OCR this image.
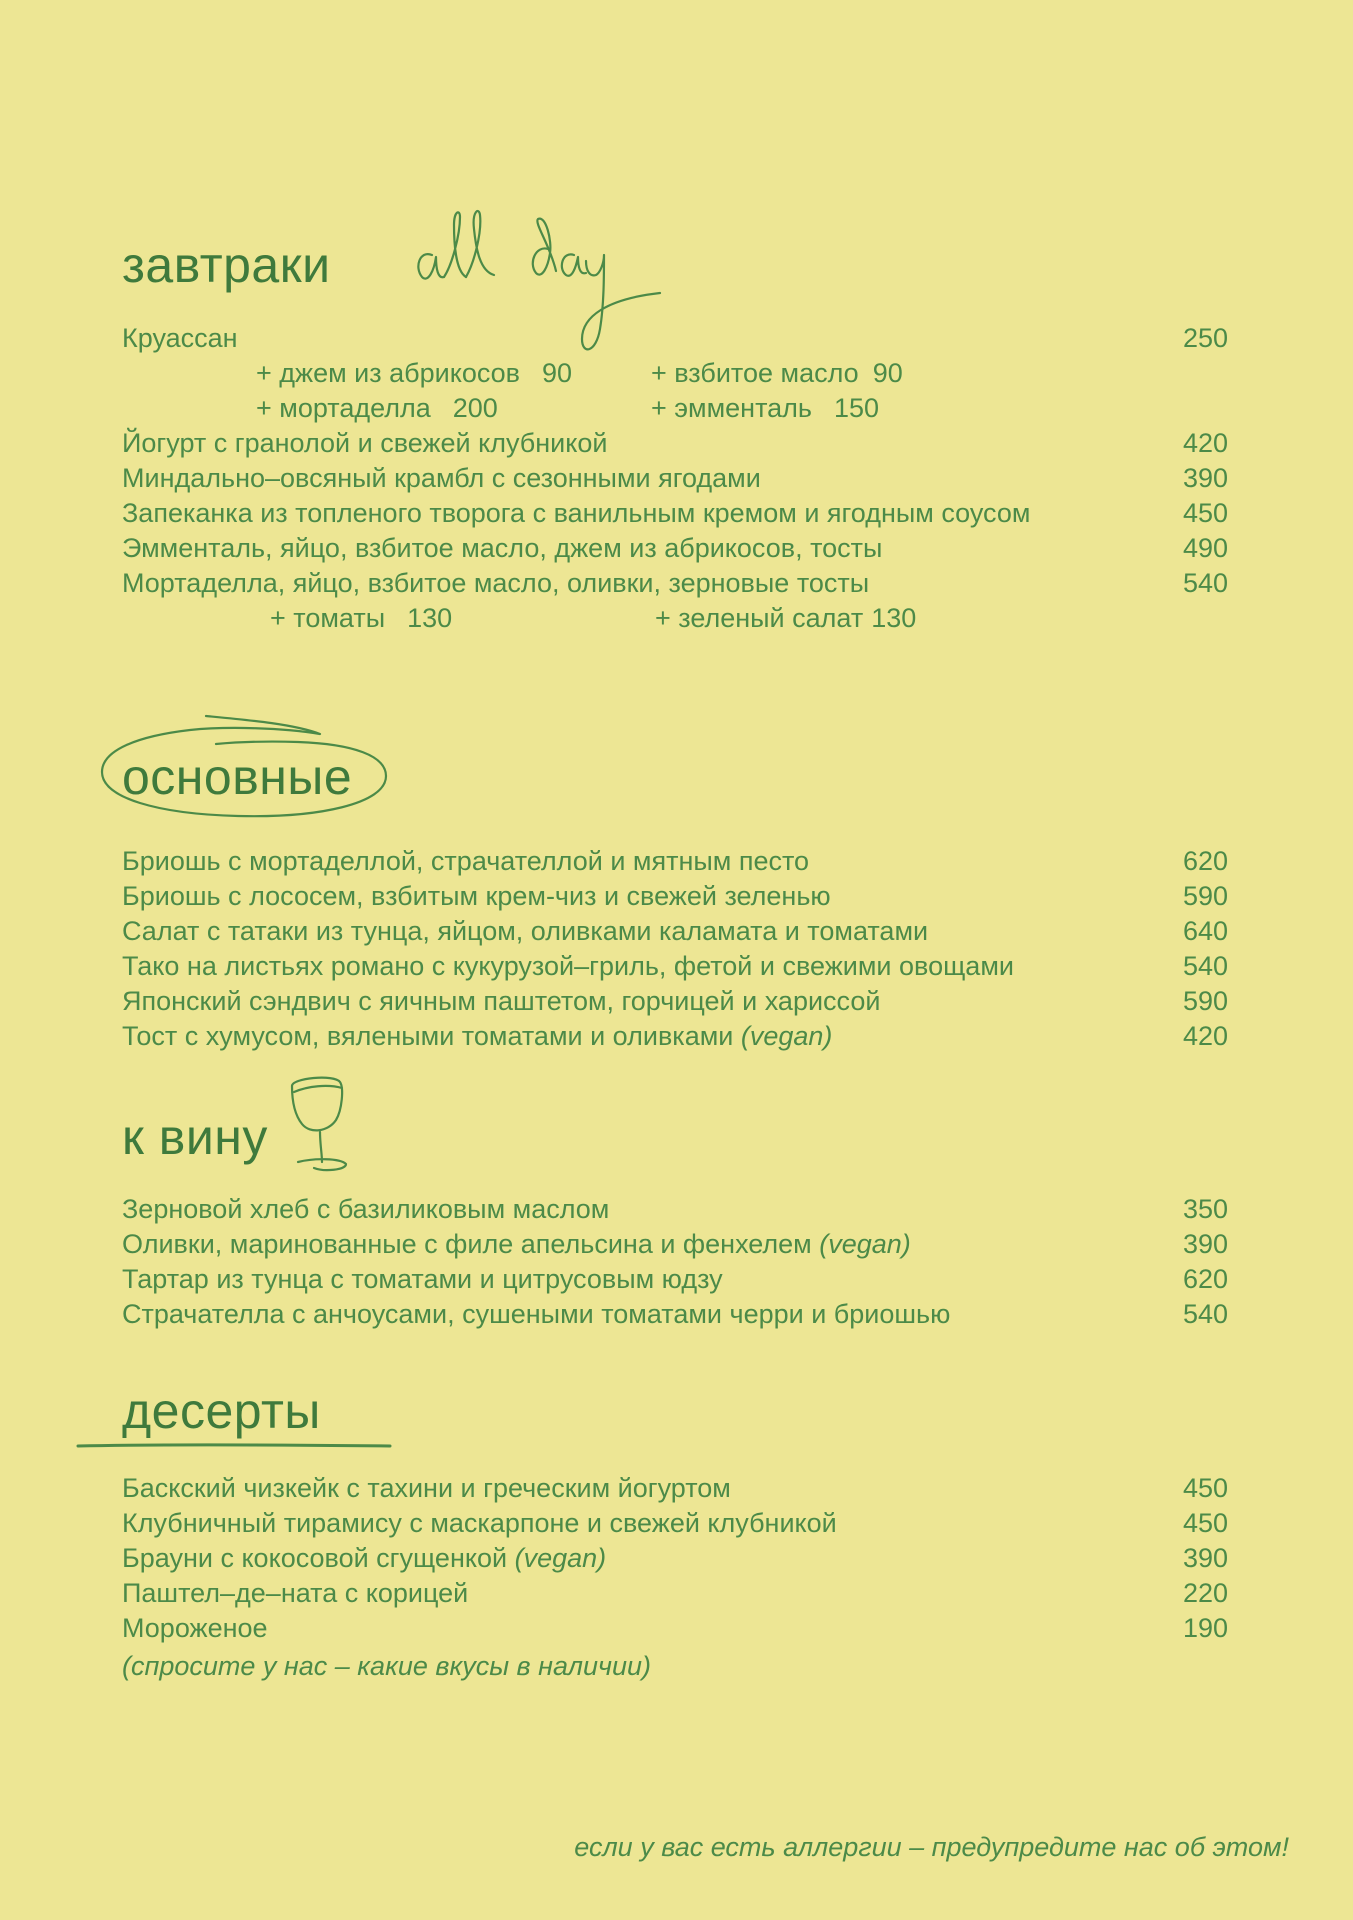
завтраки
Круассан	250
+ джем из абрикосов 90	+ взбитое масло 90
+ мортаделла 200	+ эмменталь 150
Йогурт с гранолой и свежей клубникой	420
Миндально–овсяный крамбл с сезонными ягодами	390
Запеканка из топленого творога с ванильным кремом и ягодным соусом	450
Эмменталь, яйцо, взбитое масло, джем из абрикосов, тосты	490
Мортаделла, яйцо, взбитое масло, оливки, зерновые тосты	540
+ томаты 130	+ зеленый салат 130
основные
Бриошь с мортаделлой, страчателлой и мятным песто	620
Бриошь с лососем, взбитым крем-чиз и свежей зеленью	590
Салат с татаки из тунца, яйцом, оливками каламата и томатами	640
Тако на листьях романо с кукурузой–гриль, фетой и свежими овощами	540
Японский сэндвич с яичным паштетом, горчицей и хариссой	590
Тост с хумусом, вялеными томатами и оливками (vegan)	420
к вину
Зерновой хлеб с базиликовым маслом	350
Оливки, маринованные с филе апельсина и фенхелем (vegan)	390
Тартар из тунца с томатами и цитрусовым юдзу	620
Страчателла с анчоусами, сушеными томатами черри и бриошью	540
десерты
Баскский чизкейк с тахини и греческим йогуртом	450
Клубничный тирамису с маскарпоне и свежей клубникой	450
Брауни с кокосовой сгущенкой (vegan)	390
Паштел–де–ната с корицей	220
Мороженое	190
(спросите у нас – какие вкусы в наличии)
если у вас есть аллергии – предупредите нас об этом!
